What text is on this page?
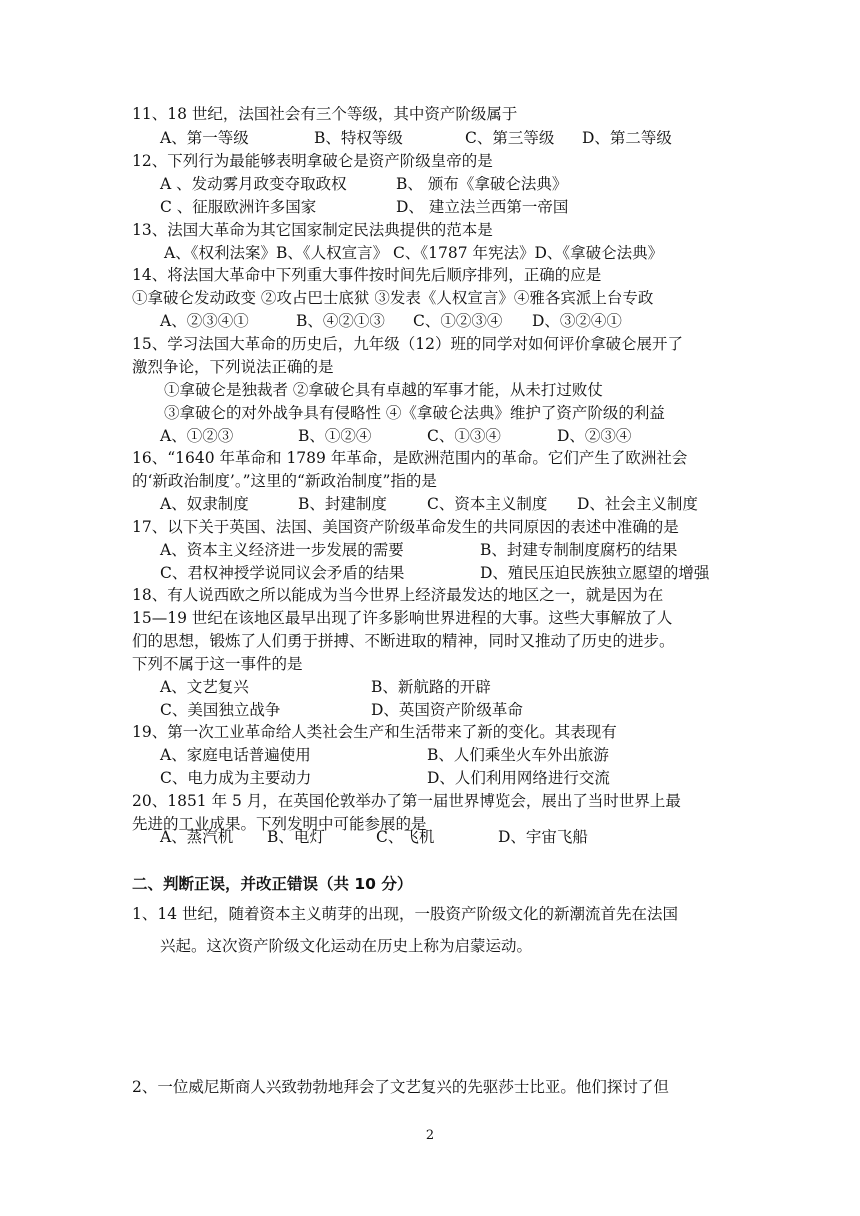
11、18 世纪，法国社会有三个等级，其中资产阶级属于
A、第一等级	B、特权等级	C、第三等级 D、第二等级
12、下列行为最能够表明拿破仑是资产阶级皇帝的是
A 、发动雾月政变夺取政权	B、 颁布《拿破仑法典》
C 、征服欧洲许多国家	D、 建立法兰西第一帝国
13、法国大革命为其它国家制定民法典提供的范本是
A、《权利法案》B、《人权宣言》 C、《1787 年宪法》D、《拿破仑法典》
14、将法国大革命中下列重大事件按时间先后顺序排列，正确的应是
①拿破仑发动政变 ②攻占巴士底狱 ③发表《人权宣言》④雅各宾派上台专政
A、②③④①	B、④②①③ C、①②③④ D、③②④①
15、学习法国大革命的历史后，九年级（12）班的同学对如何评价拿破仑展开了
激烈争论，下列说法正确的是
①拿破仑是独裁者 ②拿破仑具有卓越的军事才能，从未打过败仗
③拿破仑的对外战争具有侵略性 ④《拿破仑法典》维护了资产阶级的利益
A、①②③	B、①②④	C、①③④	D、②③④
16、“1640 年革命和 1789 年革命，是欧洲范围内的革命。它们产生了欧洲社会
的‘新政治制度’。”这里的“新政治制度”指的是
A、奴隶制度	B、封建制度	C、资本主义制度 D、社会主义制度
17、以下关于英国、法国、美国资产阶级革命发生的共同原因的表述中准确的是
A、资本主义经济进一步发展的需要	B、封建专制制度腐朽的结果
C、君权神授学说同议会矛盾的结果	D、殖民压迫民族独立愿望的增强
18、有人说西欧之所以能成为当今世界上经济最发达的地区之一，就是因为在
15—19 世纪在该地区最早出现了许多影响世界进程的大事。这些大事解放了人
们的思想，锻炼了人们勇于拼搏、不断进取的精神，同时又推动了历史的进步。
下列不属于这一事件的是
A、文艺复兴	B、新航路的开辟
C、美国独立战争	D、英国资产阶级革命
19、第一次工业革命给人类社会生产和生活带来了新的变化。其表现有
A、家庭电话普遍使用	B、人们乘坐火车外出旅游
C、电力成为主要动力	D、人们利用网络进行交流
20、1851 年 5 月，在英国伦敦举办了第一届世界博览会，展出了当时世界上最
先进的工业成果。下列发明中可能参展的是
A、蒸汽机 B、电灯	C、飞机	D、宇宙飞船
二、判断正误，并改正错误（共 10 分）
1、14 世纪，随着资本主义萌芽的出现，一股资产阶级文化的新潮流首先在法国
兴起。这次资产阶级文化运动在历史上称为启蒙运动。
2、一位威尼斯商人兴致勃勃地拜会了文艺复兴的先驱莎士比亚。他们探讨了但
2
